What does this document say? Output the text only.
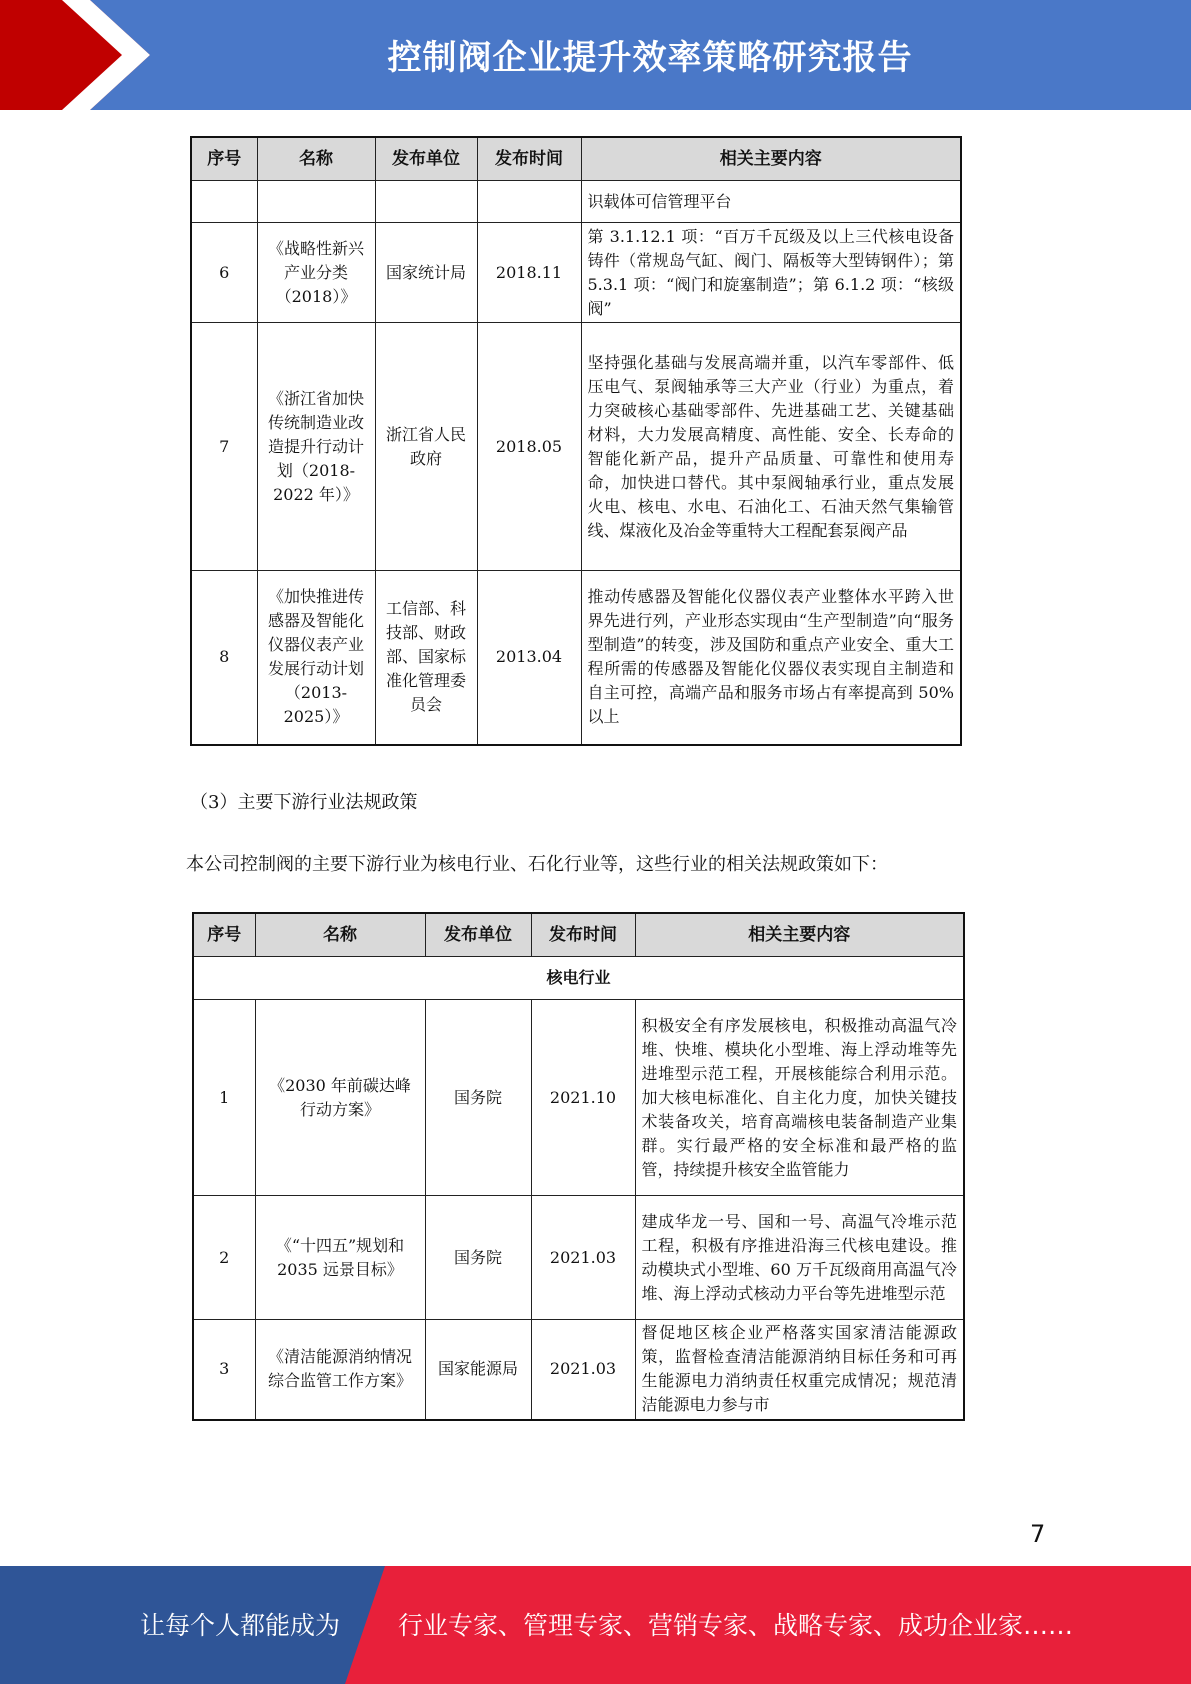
控制阀企业提升效率策略研究报告
序号	名称	发布单位	发布时间	相关主要内容
				识载体可信管理平台
6	《战略性新兴产业分类（2018）》	国家统计局	2018.11	第 3.1.12.1 项：“百万千瓦级及以上三代核电设备铸件（常规岛气缸、阀门、隔板等大型铸钢件）；第 5.3.1 项：“阀门和旋塞制造”；第 6.1.2 项：“核级阀”
7	《浙江省加快传统制造业改造提升行动计划（2018-2022 年）》	浙江省人民政府	2018.05	坚持强化基础与发展高端并重，以汽车零部件、低压电气、泵阀轴承等三大产业（行业）为重点，着力突破核心基础零部件、先进基础工艺、关键基础材料，大力发展高精度、高性能、安全、长寿命的智能化新产品，提升产品质量、可靠性和使用寿命，加快进口替代。其中泵阀轴承行业，重点发展火电、核电、水电、石油化工、石油天然气集输管线、煤液化及冶金等重特大工程配套泵阀产品
8	《加快推进传感器及智能化仪器仪表产业发展行动计划（2013-2025）》	工信部、科技部、财政部、国家标准化管理委员会	2013.04	推动传感器及智能化仪器仪表产业整体水平跨入世界先进行列，产业形态实现由“生产型制造”向“服务型制造”的转变，涉及国防和重点产业安全、重大工程所需的传感器及智能化仪器仪表实现自主制造和自主可控，高端产品和服务市场占有率提高到 50%以上
（3）主要下游行业法规政策
本公司控制阀的主要下游行业为核电行业、石化行业等，这些行业的相关法规政策如下：
序号	名称	发布单位	发布时间	相关主要内容
核电行业				
1	《2030 年前碳达峰行动方案》	国务院	2021.10	积极安全有序发展核电，积极推动高温气冷堆、快堆、模块化小型堆、海上浮动堆等先进堆型示范工程，开展核能综合利用示范。加大核电标准化、自主化力度，加快关键技术装备攻关，培育高端核电装备制造产业集群。实行最严格的安全标准和最严格的监管，持续提升核安全监管能力
2	《“十四五”规划和 2035 远景目标》	国务院	2021.03	建成华龙一号、国和一号、高温气冷堆示范工程，积极有序推进沿海三代核电建设。推动模块式小型堆、60 万千瓦级商用高温气冷堆、海上浮动式核动力平台等先进堆型示范
3	《清洁能源消纳情况综合监管工作方案》	国家能源局	2021.03	督促地区核企业严格落实国家清洁能源政策，监督检查清洁能源消纳目标任务和可再生能源电力消纳责任权重完成情况；规范清洁能源电力参与市
7
让每个人都能成为 行业专家、管理专家、营销专家、战略专家、成功企业家……
